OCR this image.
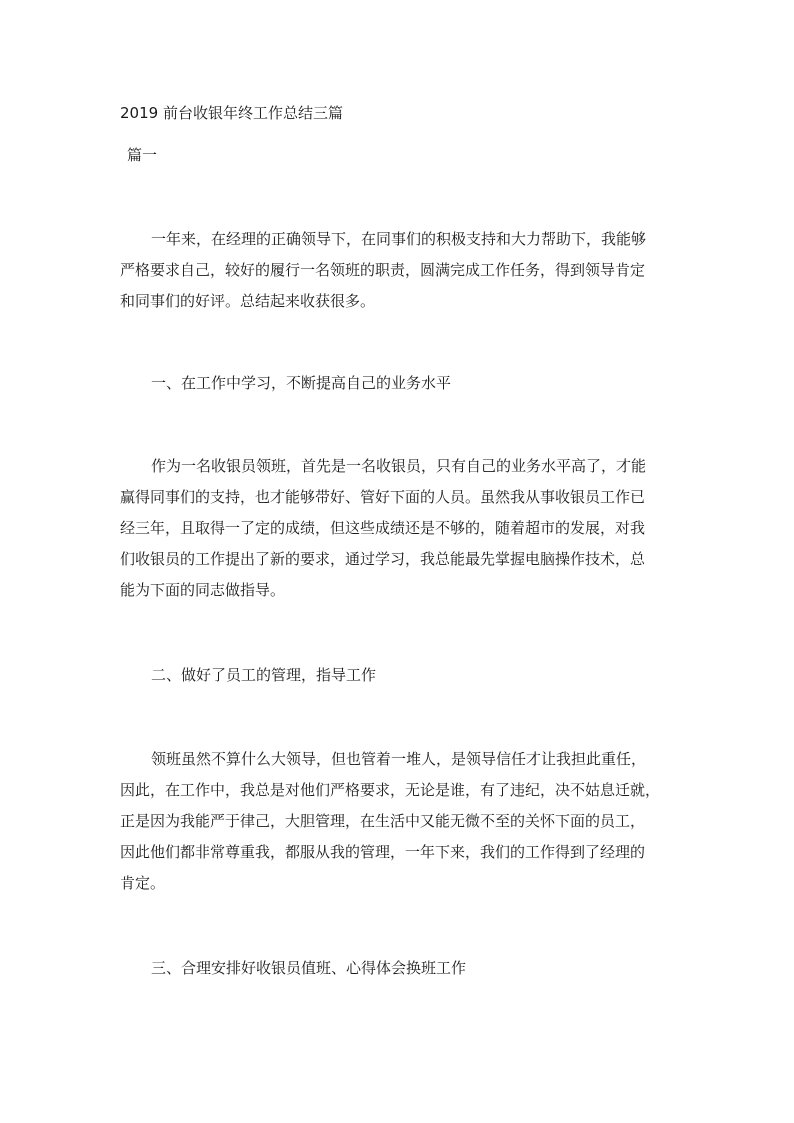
2019 前台收银年终工作总结三篇
篇一
一年来，在经理的正确领导下，在同事们的积极支持和大力帮助下，我能够
严格要求自己，较好的履行一名领班的职责，圆满完成工作任务，得到领导肯定
和同事们的好评。总结起来收获很多。
一、在工作中学习，不断提高自己的业务水平
作为一名收银员领班，首先是一名收银员，只有自己的业务水平高了，才能
赢得同事们的支持，也才能够带好、管好下面的人员。虽然我从事收银员工作已
经三年，且取得一了定的成绩，但这些成绩还是不够的，随着超市的发展，对我
们收银员的工作提出了新的要求，通过学习，我总能最先掌握电脑操作技术，总
能为下面的同志做指导。
二、做好了员工的管理，指导工作
领班虽然不算什么大领导，但也管着一堆人，是领导信任才让我担此重任，
因此，在工作中，我总是对他们严格要求，无论是谁，有了违纪，决不姑息迁就，
正是因为我能严于律己，大胆管理，在生活中又能无微不至的关怀下面的员工，
因此他们都非常尊重我，都服从我的管理，一年下来，我们的工作得到了经理的
肯定。
三、合理安排好收银员值班、心得体会换班工作
